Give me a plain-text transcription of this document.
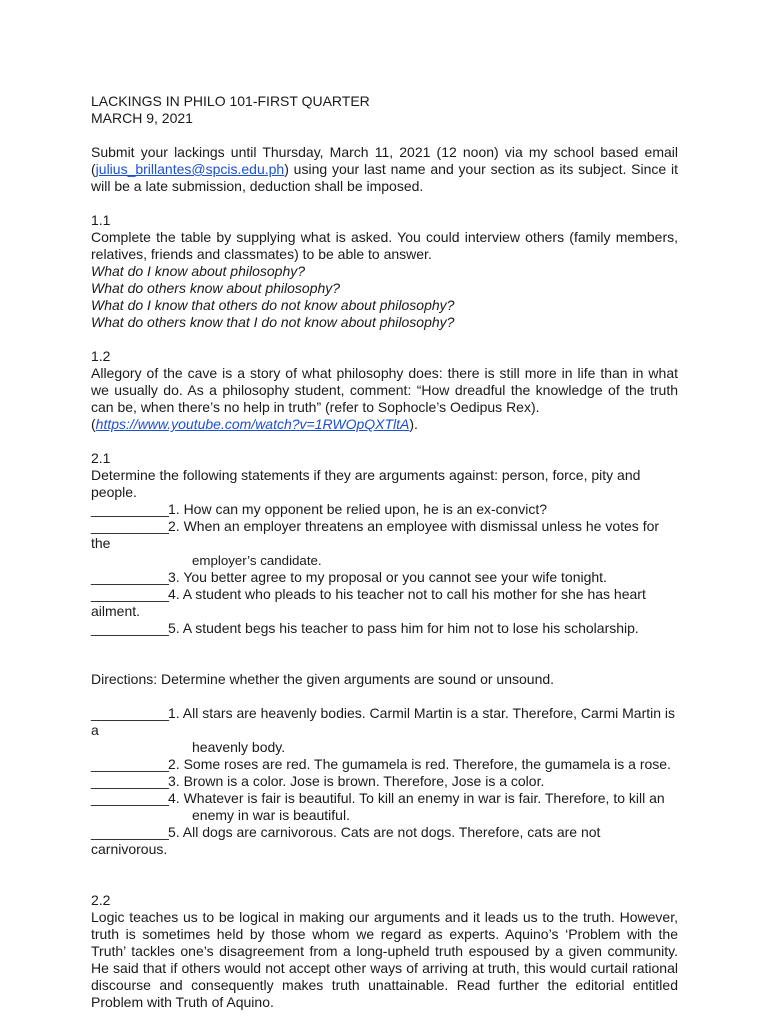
LACKINGS IN PHILO 101-FIRST QUARTER

MARCH 9, 2021

Submit your lackings until Thursday, March 11, 2021 (12 noon) via my school based email (julius_brillantes@spcis.edu.ph) using your last name and your section as its subject. Since it will be a late submission, deduction shall be imposed.

1.1

Complete the table by supplying what is asked. You could interview others (family members, relatives, friends and classmates) to be able to answer.

What do I know about philosophy?

What do others know about philosophy?

What do I know that others do not know about philosophy?

What do others know that I do not know about philosophy?

1.2

Allegory of the cave is a story of what philosophy does: there is still more in life than in what we usually do. As a philosophy student, comment: “How dreadful the knowledge of the truth can be, when there’s no help in truth” (refer to Sophocle’s Oedipus Rex).

(https://www.youtube.com/watch?v=1RWOpQXTltA).

2.1

Determine the following statements if they are arguments against: person, force, pity and people.

__________1. How can my opponent be relied upon, he is an ex-convict?

__________2. When an employer threatens an employee with dismissal unless he votes for the

employer’s candidate.

__________3. You better agree to my proposal or you cannot see your wife tonight.

__________4. A student who pleads to his teacher not to call his mother for she has heart ailment.

__________5. A student begs his teacher to pass him for him not to lose his scholarship.

Directions: Determine whether the given arguments are sound or unsound.

__________1. All stars are heavenly bodies. Carmil Martin is a star. Therefore, Carmi Martin is a

heavenly body.

__________2. Some roses are red. The gumamela is red. Therefore, the gumamela is a rose.

__________3. Brown is a color. Jose is brown. Therefore, Jose is a color.

__________4. Whatever is fair is beautiful. To kill an enemy in war is fair. Therefore, to kill an

enemy in war is beautiful.

__________5. All dogs are carnivorous. Cats are not dogs. Therefore, cats are not carnivorous.

2.2

Logic teaches us to be logical in making our arguments and it leads us to the truth. However, truth is sometimes held by those whom we regard as experts. Aquino’s ‘Problem with the Truth’ tackles one’s disagreement from a long-upheld truth espoused by a given community. He said that if others would not accept other ways of arriving at truth, this would curtail rational discourse and consequently makes truth unattainable. Read further the editorial entitled Problem with Truth of Aquino.
